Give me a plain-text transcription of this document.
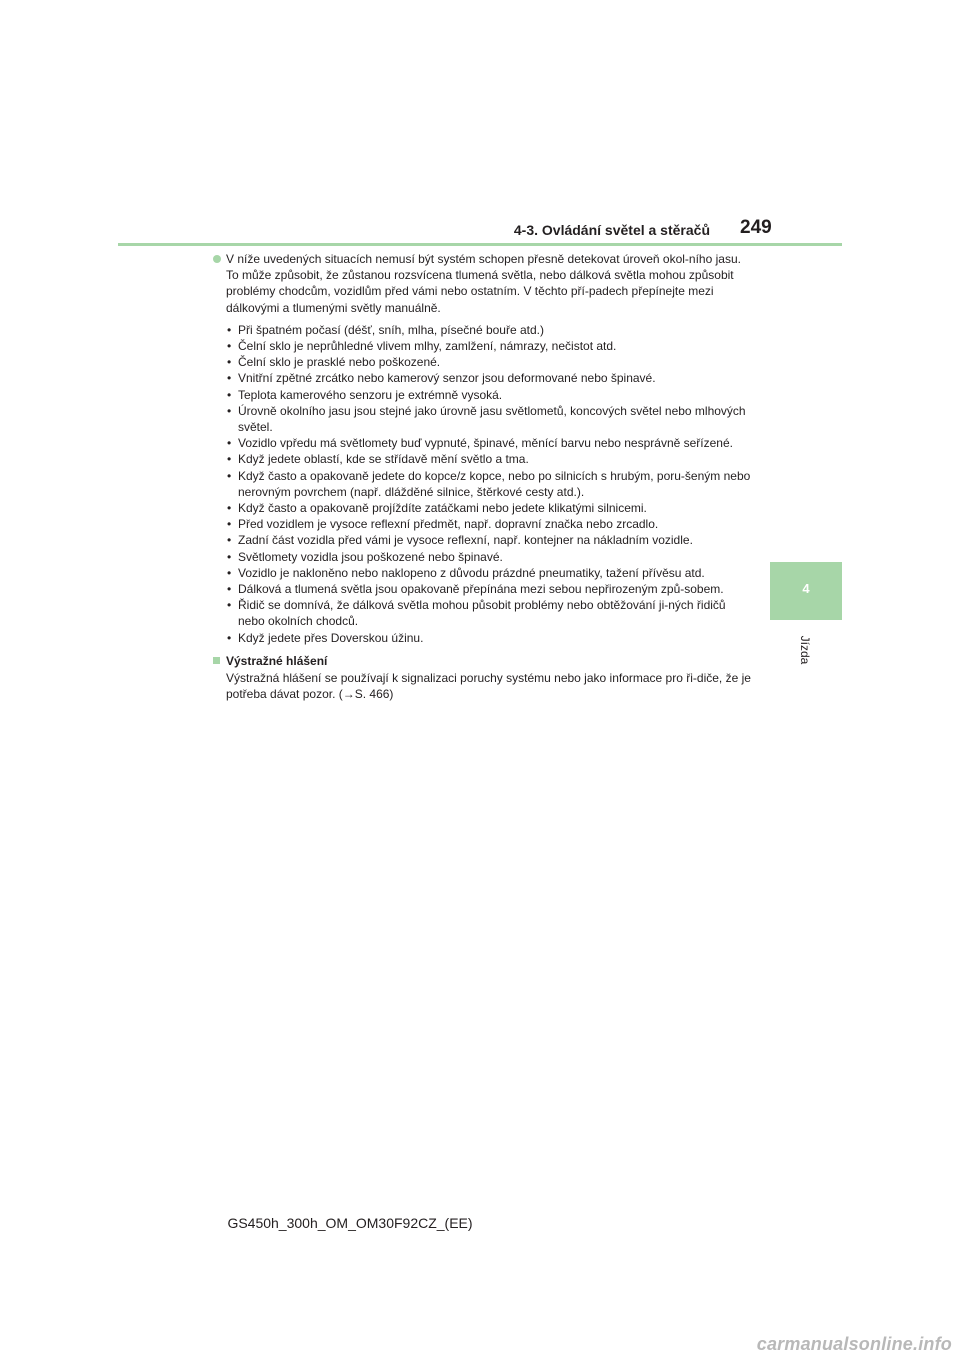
4-3. Ovládání světel a stěračů 249
4
Jízda
V níže uvedených situacích nemusí být systém schopen přesně detekovat úroveň okol-ního jasu. To může způsobit, že zůstanou rozsvícena tlumená světla, nebo dálková světla mohou způsobit problémy chodcům, vozidlům před vámi nebo ostatním. V těchto pří-padech přepínejte mezi dálkovými a tlumenými světly manuálně.
• Při špatném počasí (déšť, sníh, mlha, písečné bouře atd.)
• Čelní sklo je neprůhledné vlivem mlhy, zamlžení, námrazy, nečistot atd.
• Čelní sklo je prasklé nebo poškozené.
• Vnitřní zpětné zrcátko nebo kamerový senzor jsou deformované nebo špinavé.
• Teplota kamerového senzoru je extrémně vysoká.
• Úrovně okolního jasu jsou stejné jako úrovně jasu světlometů, koncových světel nebo mlhových světel.
• Vozidlo vpředu má světlomety buď vypnuté, špinavé, měnící barvu nebo nesprávně seřízené.
• Když jedete oblastí, kde se střídavě mění světlo a tma.
• Když často a opakovaně jedete do kopce/z kopce, nebo po silnicích s hrubým, poru-šeným nebo nerovným povrchem (např. dlážděné silnice, štěrkové cesty atd.).
• Když často a opakovaně projíždíte zatáčkami nebo jedete klikatými silnicemi.
• Před vozidlem je vysoce reflexní předmět, např. dopravní značka nebo zrcadlo.
• Zadní část vozidla před vámi je vysoce reflexní, např. kontejner na nákladním vozidle.
• Světlomety vozidla jsou poškozené nebo špinavé.
• Vozidlo je nakloněno nebo naklopeno z důvodu prázdné pneumatiky, tažení přívěsu atd.
• Dálková a tlumená světla jsou opakovaně přepínána mezi sebou nepřirozeným způ-sobem.
• Řidič se domnívá, že dálková světla mohou působit problémy nebo obtěžování ji-ných řidičů nebo okolních chodců.
• Když jedete přes Doverskou úžinu.
Výstražné hlášení

Výstražná hlášení se používají k signalizaci poruchy systému nebo jako informace pro ři-diče, že je potřeba dávat pozor. (→S. 466)

GS450h_300h_OM_OM30F92CZ_(EE)
carmanualsonline.info
